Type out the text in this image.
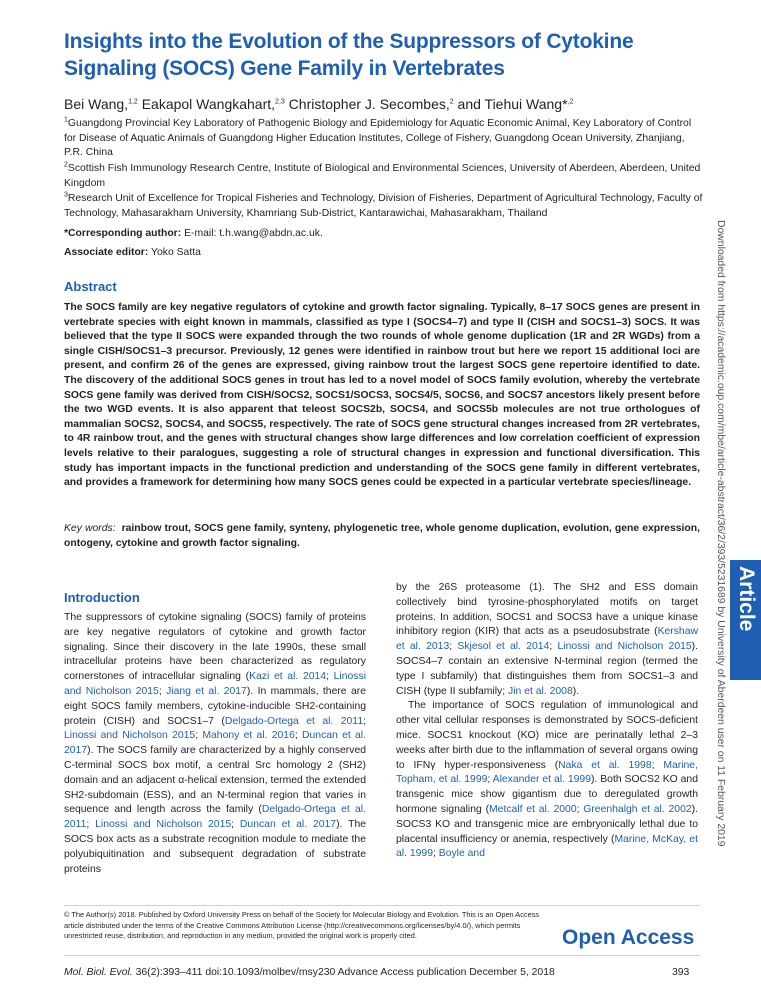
Insights into the Evolution of the Suppressors of Cytokine Signaling (SOCS) Gene Family in Vertebrates
Bei Wang,$^{1,2}$ Eakapol Wangkahart,$^{2,3}$ Christopher J. Secombes,$^2$ and Tiehui Wang*$^{,2}$
$^1$Guangdong Provincial Key Laboratory of Pathogenic Biology and Epidemiology for Aquatic Economic Animal, Key Laboratory of Control for Disease of Aquatic Animals of Guangdong Higher Education Institutes, College of Fishery, Guangdong Ocean University, Zhanjiang, P.R. China
$^2$Scottish Fish Immunology Research Centre, Institute of Biological and Environmental Sciences, University of Aberdeen, Aberdeen, United Kingdom
$^3$Research Unit of Excellence for Tropical Fisheries and Technology, Division of Fisheries, Department of Agricultural Technology, Faculty of Technology, Mahasarakham University, Khamriang Sub-District, Kantarawichai, Mahasarakham, Thailand
*Corresponding author: E-mail: t.h.wang@abdn.ac.uk.
Associate editor: Yoko Satta
Abstract
The SOCS family are key negative regulators of cytokine and growth factor signaling. Typically, 8–17 SOCS genes are present in vertebrate species with eight known in mammals, classified as type I (SOCS4–7) and type II (CISH and SOCS1–3) SOCS. It was believed that the type II SOCS were expanded through the two rounds of whole genome duplication (1R and 2R WGDs) from a single CISH/SOCS1–3 precursor. Previously, 12 genes were identified in rainbow trout but here we report 15 additional loci are present, and confirm 26 of the genes are expressed, giving rainbow trout the largest SOCS gene repertoire identified to date. The discovery of the additional SOCS genes in trout has led to a novel model of SOCS family evolution, whereby the vertebrate SOCS gene family was derived from CISH/SOCS2, SOCS1/SOCS3, SOCS4/5, SOCS6, and SOCS7 ancestors likely present before the two WGD events. It is also apparent that teleost SOCS2b, SOCS4, and SOCS5b molecules are not true orthologues of mammalian SOCS2, SOCS4, and SOCS5, respectively. The rate of SOCS gene structural changes increased from 2R vertebrates, to 4R rainbow trout, and the genes with structural changes show large differences and low correlation coefficient of expression levels relative to their paralogues, suggesting a role of structural changes in expression and functional diversification. This study has important impacts in the functional prediction and understanding of the SOCS gene family in different vertebrates, and provides a framework for determining how many SOCS genes could be expected in a particular vertebrate species/lineage.
Key words: rainbow trout, SOCS gene family, synteny, phylogenetic tree, whole genome duplication, evolution, gene expression, ontogeny, cytokine and growth factor signaling.
Introduction

The suppressors of cytokine signaling (SOCS) family of proteins are key negative regulators of cytokine and growth factor signaling. Since their discovery in the late 1990s, these small intracellular proteins have been characterized as regulatory cornerstones of intracellular signaling (Kazi et al. 2014; Linossi and Nicholson 2015; Jiang et al. 2017). In mammals, there are eight SOCS family members, cytokine-inducible SH2-containing protein (CISH) and SOCS1–7 (Delgado-Ortega et al. 2011; Linossi and Nicholson 2015; Mahony et al. 2016; Duncan et al. 2017). The SOCS family are characterized by a highly conserved C-terminal SOCS box motif, a central Src homology 2 (SH2) domain and an adjacent α-helical extension, termed the extended SH2-subdomain (ESS), and an N-terminal region that varies in sequence and length across the family (Delgado-Ortega et al. 2011; Linossi and Nicholson 2015; Duncan et al. 2017). The SOCS box acts as a substrate recognition module to mediate the polyubiquitination and subsequent degradation of substrate proteins

by the 26S proteasome (1). The SH2 and ESS domain collectively bind tyrosine-phosphorylated motifs on target proteins. In addition, SOCS1 and SOCS3 have a unique kinase inhibitory region (KIR) that acts as a pseudosubstrate (Kershaw et al. 2013; Skjesol et al. 2014; Linossi and Nicholson 2015). SOCS4–7 contain an extensive N-terminal region (termed the type I subfamily) that distinguishes them from SOCS1–3 and CISH (type II subfamily; Jin et al. 2008).

The importance of SOCS regulation of immunological and other vital cellular responses is demonstrated by SOCS-deficient mice. SOCS1 knockout (KO) mice are perinatally lethal 2–3 weeks after birth due to the inflammation of several organs owing to IFNγ hyper-responsiveness (Naka et al. 1998; Marine, Topham, et al. 1999; Alexander et al. 1999). Both SOCS2 KO and transgenic mice show gigantism due to deregulated growth hormone signaling (Metcalf et al. 2000; Greenhalgh et al. 2002). SOCS3 KO and transgenic mice are embryonically lethal due to placental insufficiency or anemia, respectively (Marine, McKay, et al. 1999; Boyle and

© The Author(s) 2018. Published by Oxford University Press on behalf of the Society for Molecular Biology and Evolution. This is an Open Access article distributed under the terms of the Creative Commons Attribution License (http://creativecommons.org/licenses/by/4.0/), which permits unrestricted reuse, distribution, and reproduction in any medium, provided the original work is properly cited.	Open Access
Mol. Biol. Evol. 36(2):393–411 doi:10.1093/molbev/msy230 Advance Access publication December 5, 2018	393
Downloaded from https://academic.oup.com/mbe/article-abstract/36/2/393/5231689 by University of Aberdeen user on 11 February 2019 Article
